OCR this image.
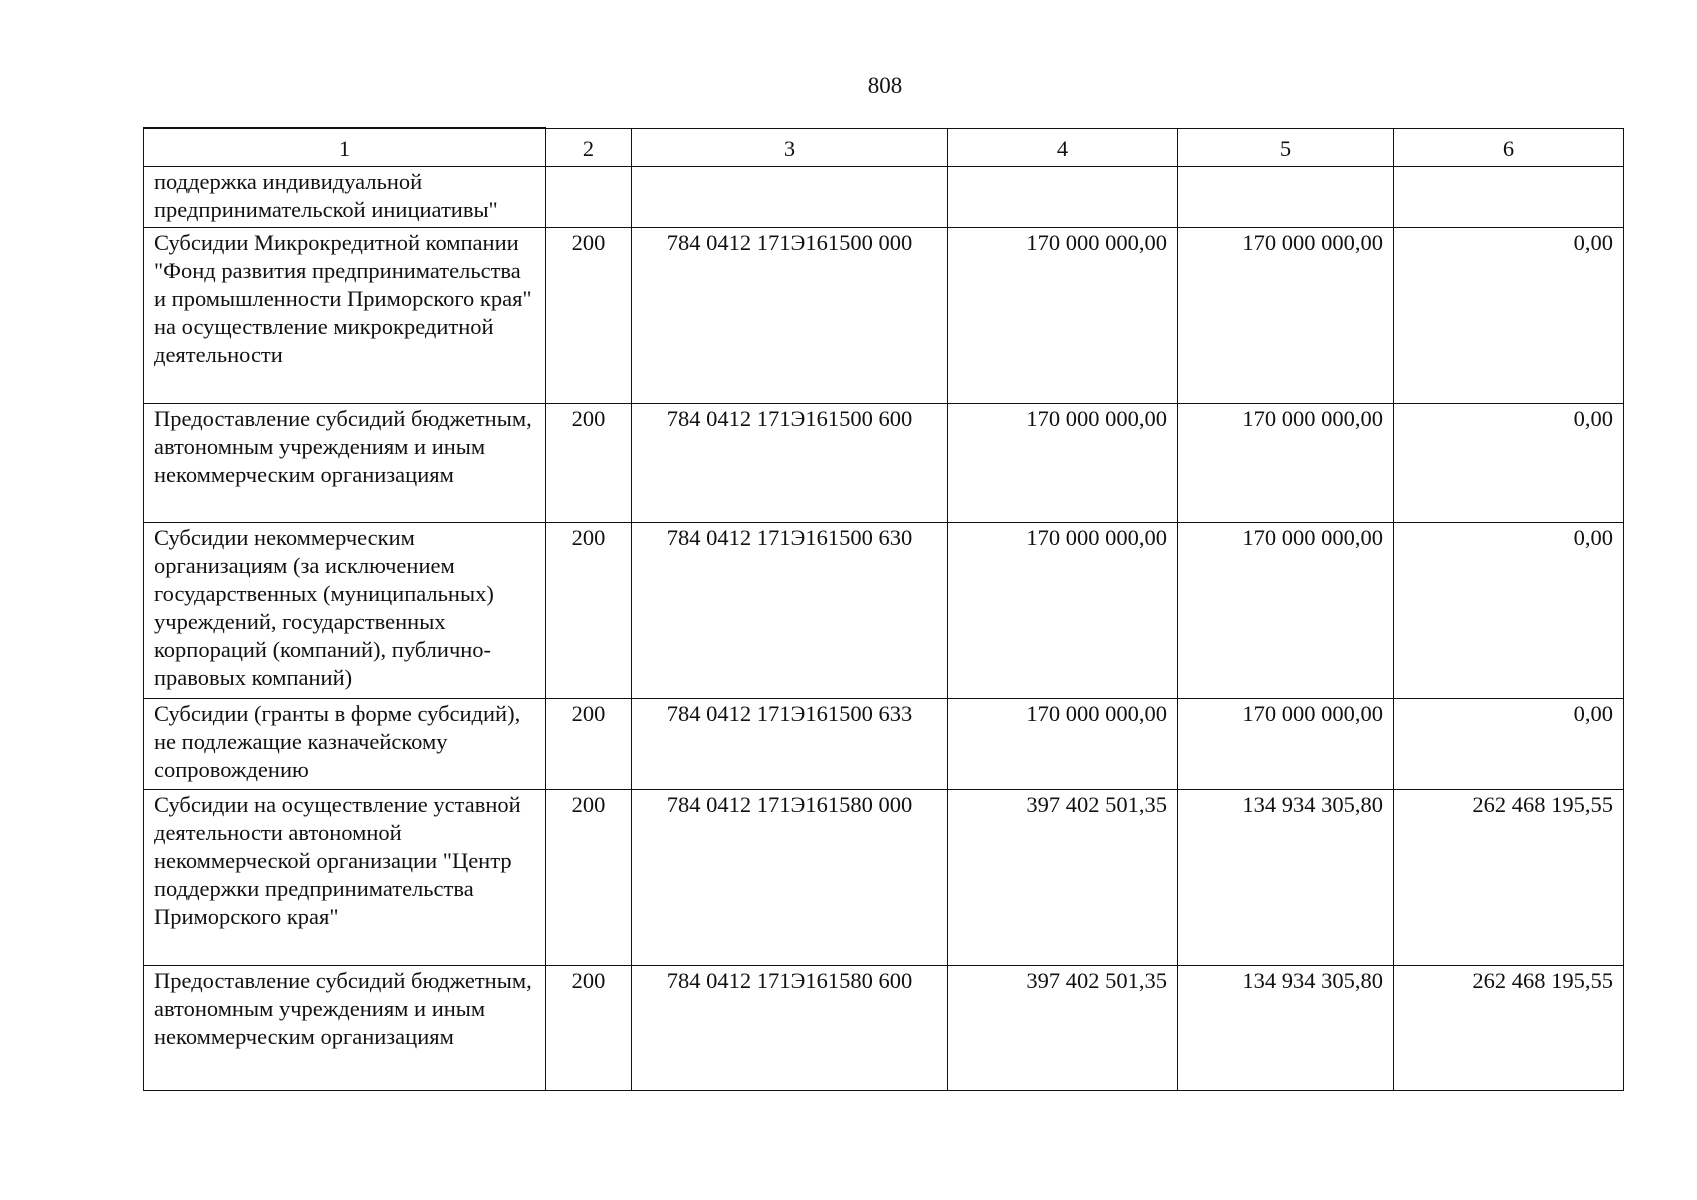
808
1	2	3	4	5	6
поддержка индивидуальной предпринимательской инициативы"					
Субсидии Микрокредитной компании "Фонд развития предпринимательства и промышленности Приморского края" на осуществление микрокредитной деятельности	200	784 0412 171Э161500 000	170 000 000,00	170 000 000,00	0,00
Предоставление субсидий бюджетным, автономным учреждениям и иным некоммерческим организациям	200	784 0412 171Э161500 600	170 000 000,00	170 000 000,00	0,00
Субсидии некоммерческим организациям (за исключением государственных (муниципальных) учреждений, государственных корпораций (компаний), публично-правовых компаний)	200	784 0412 171Э161500 630	170 000 000,00	170 000 000,00	0,00
Субсидии (гранты в форме субсидий), не подлежащие казначейскому сопровождению	200	784 0412 171Э161500 633	170 000 000,00	170 000 000,00	0,00
Субсидии на осуществление уставной деятельности автономной некоммерческой организации "Центр поддержки предпринимательства Приморского края"	200	784 0412 171Э161580 000	397 402 501,35	134 934 305,80	262 468 195,55
Предоставление субсидий бюджетным, автономным учреждениям и иным некоммерческим организациям	200	784 0412 171Э161580 600	397 402 501,35	134 934 305,80	262 468 195,55
